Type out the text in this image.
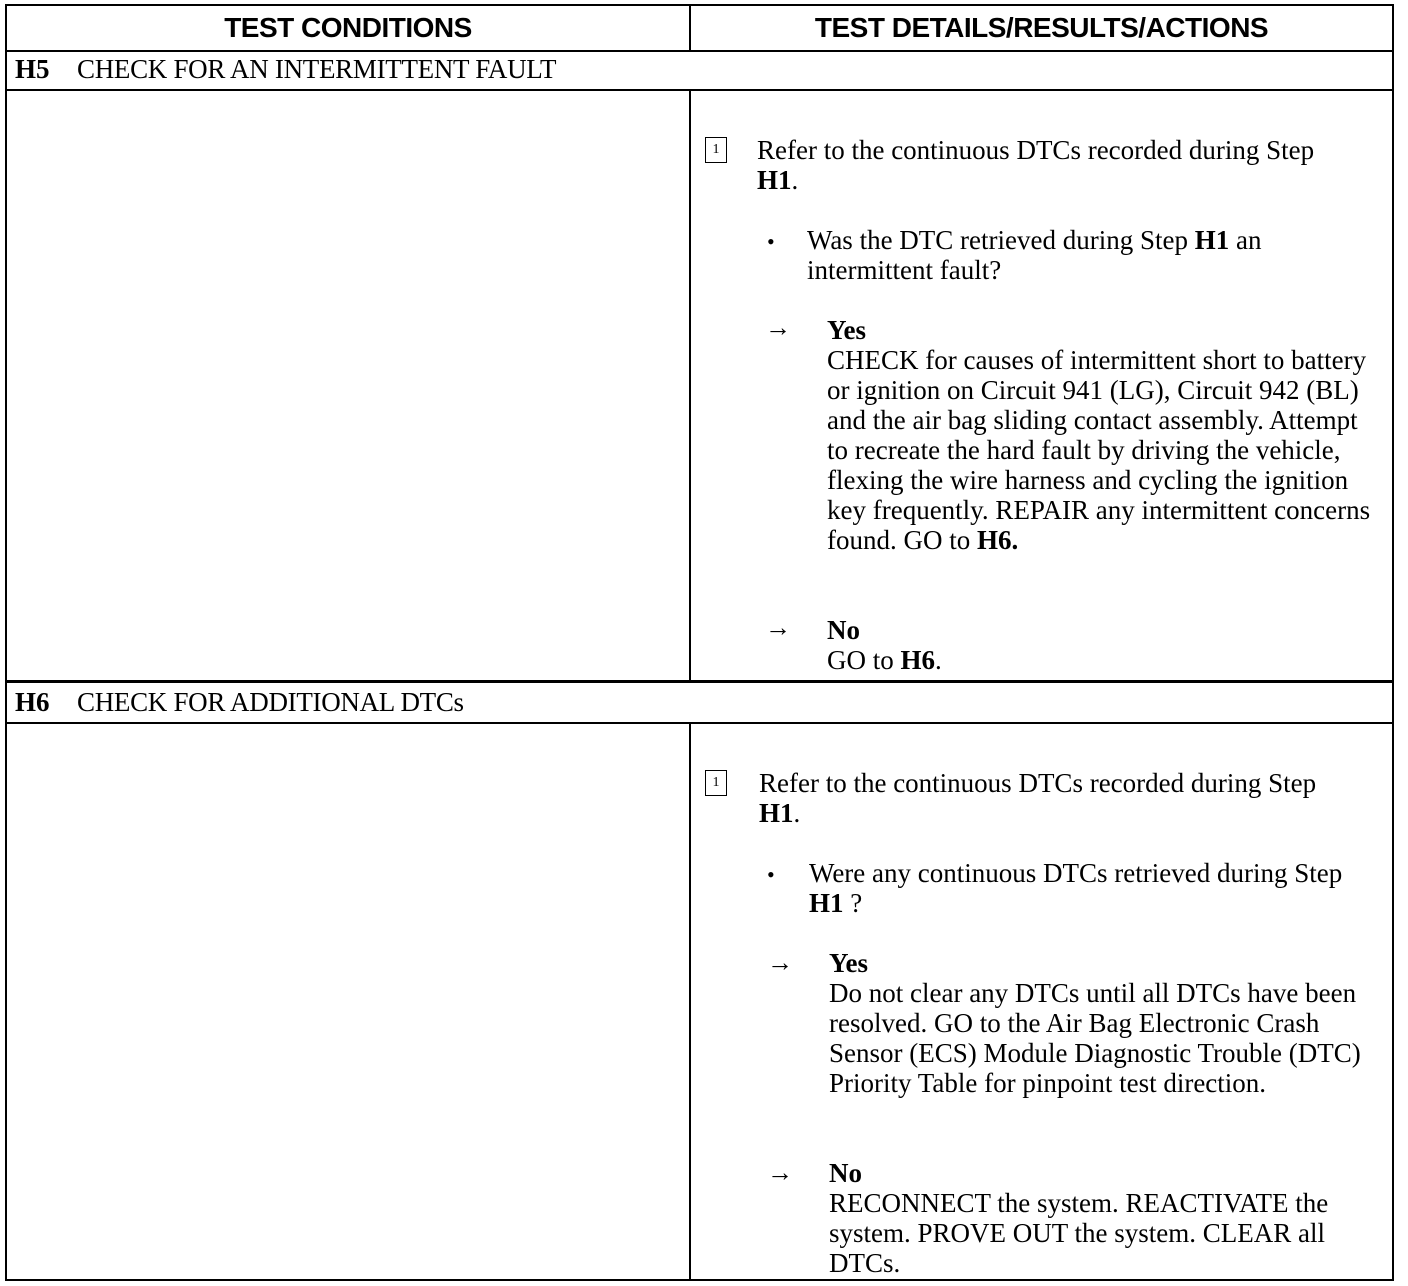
TEST CONDITIONS	TEST DETAILS/RESULTS/ACTIONS
H5	CHECK FOR AN INTERMITTENT FAULT
1 Refer to the continuous DTCs recorded during Step
H1.
• Was the DTC retrieved during Step H1 an intermittent fault?
→ Yes
CHECK for causes of intermittent short to battery or ignition on Circuit 941 (LG), Circuit 942 (BL) and the air bag sliding contact assembly. Attempt to recreate the hard fault by driving the vehicle, flexing the wire harness and cycling the ignition key frequently. REPAIR any intermittent concerns found. GO to H6.
→ No
GO to H6.
H6	CHECK FOR ADDITIONAL DTCs
1 Refer to the continuous DTCs recorded during Step
H1.
• Were any continuous DTCs retrieved during Step H1 ?
→ Yes
Do not clear any DTCs until all DTCs have been resolved. GO to the Air Bag Electronic Crash Sensor (ECS) Module Diagnostic Trouble (DTC) Priority Table for pinpoint test direction.
→ No
RECONNECT the system. REACTIVATE the system. PROVE OUT the system. CLEAR all DTCs.
